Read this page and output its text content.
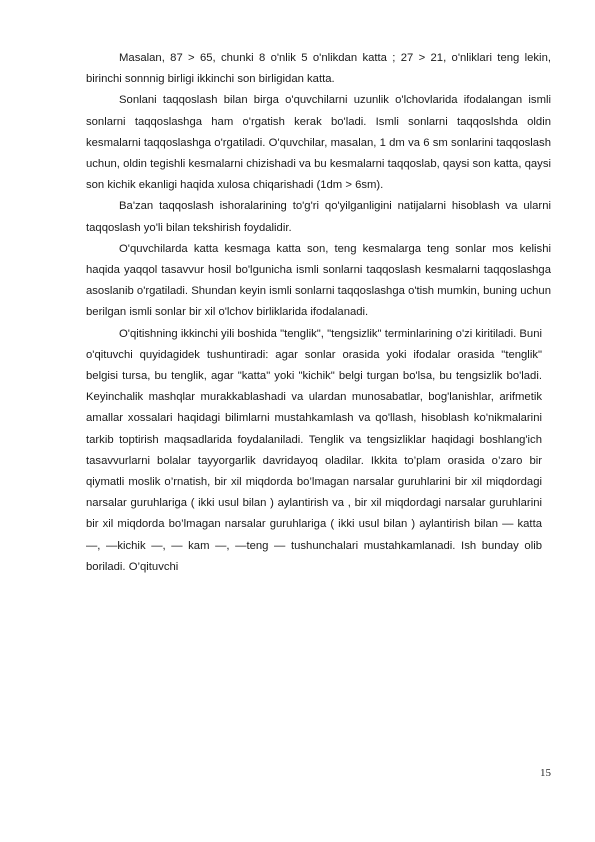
Masalan, 87 > 65, chunki 8 o'nlik 5 o'nlikdan katta ; 27 > 21, o'nliklari teng lekin, birinchi sonnnig birligi ikkinchi son birligidan katta.

Sonlani taqqoslash bilan birga o'quvchilarni uzunlik o'lchovlarida ifodalangan ismli sonlarni taqqoslashga ham o'rgatish kerak bo'ladi. Ismli sonlarni taqqoslshda oldin kesmalarni taqqoslashga o'rgatiladi. O'quvchilar, masalan, 1 dm va 6 sm sonlarini taqqoslash uchun, oldin tegishli kesmalarni chizishadi va bu kesmalarni taqqoslab, qaysi son katta, qaysi son kichik ekanligi haqida xulosa chiqarishadi (1dm > 6sm).

Ba'zan taqqoslash ishoralarining to'g'ri qo'yilganligini natijalarni hisoblash va ularni taqqoslash yo'li bilan tekshirish foydalidir.

O'quvchilarda katta kesmaga katta son, teng kesmalarga teng sonlar mos kelishi haqida yaqqol tasavvur hosil bo'lgunicha ismli sonlarni taqqoslash kesmalarni taqqoslashga asoslanib o'rgatiladi. Shundan keyin ismli sonlarni taqqoslashga o'tish mumkin, buning uchun berilgan ismli sonlar bir xil o'lchov birliklarida ifodalanadi.

O'qitishning ikkinchi yili boshida "tenglik", "tengsizlik" terminlarining o'zi kiritiladi. Buni o'qituvchi quyidagidek tushuntiradi: agar sonlar orasida yoki ifodalar orasida "tenglik" belgisi tursa, bu tenglik, agar "katta" yoki "kichik" belgi turgan bo'lsa, bu tengsizlik bo'ladi. Keyinchalik mashqlar murakkablashadi va ulardan munosabatlar, bog'lanishlar, arifmetik amallar xossalari haqidagi bilimlarni mustahkamlash va qo'llash, hisoblash ko'nikmalarini tarkib toptirish maqsadlarida foydalaniladi. Tenglik va tengsizliklar haqidagi boshlang'ich tasavvurlarni bolalar tayyorgarlik davridayoq oladilar. Ikkita to’plam orasida o’zaro bir qiymatli moslik o’rnatish, bir xil miqdorda bo’lmagan narsalar guruhlarini bir xil miqdordagi narsalar guruhlariga ( ikki usul bilan ) aylantirish va , bir xil miqdordagi narsalar guruhlarini bir xil miqdorda bo’lmagan narsalar guruhlariga ( ikki usul bilan ) aylantirish bilan ― katta ―, ―kichik ―, ― kam ―, ―teng ― tushunchalari mustahkamlanadi. Ish bunday olib boriladi. O’qituvchi

15
